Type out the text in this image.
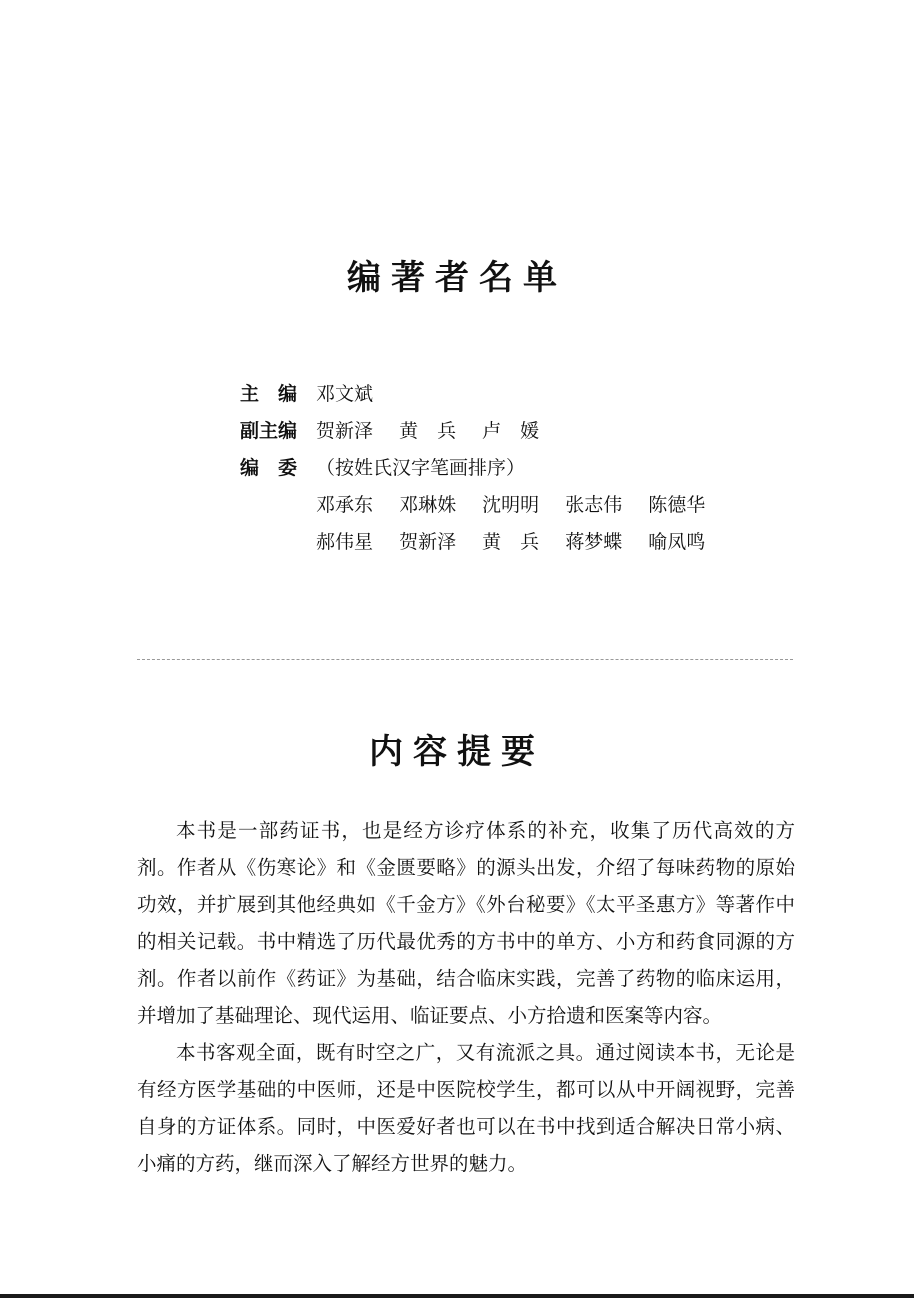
编著者名单
主　编 邓文斌
副主编 贺新泽 黄　兵 卢　媛
编　委 （按姓氏汉字笔画排序）
邓承东 邓琳姝 沈明明 张志伟 陈德华
郝伟星 贺新泽 黄　兵 蒋梦蝶 喻凤鸣
内容提要

本书是一部药证书，也是经方诊疗体系的补充，收集了历代高效的方剂。作者从《伤寒论》和《金匮要略》的源头出发，介绍了每味药物的原始功效，并扩展到其他经典如《千金方》《外台秘要》《太平圣惠方》等著作中的相关记载。书中精选了历代最优秀的方书中的单方、小方和药食同源的方剂。作者以前作《药证》为基础，结合临床实践，完善了药物的临床运用，并增加了基础理论、现代运用、临证要点、小方拾遗和医案等内容。

本书客观全面，既有时空之广，又有流派之具。通过阅读本书，无论是有经方医学基础的中医师，还是中医院校学生，都可以从中开阔视野，完善自身的方证体系。同时，中医爱好者也可以在书中找到适合解决日常小病、小痛的方药，继而深入了解经方世界的魅力。
